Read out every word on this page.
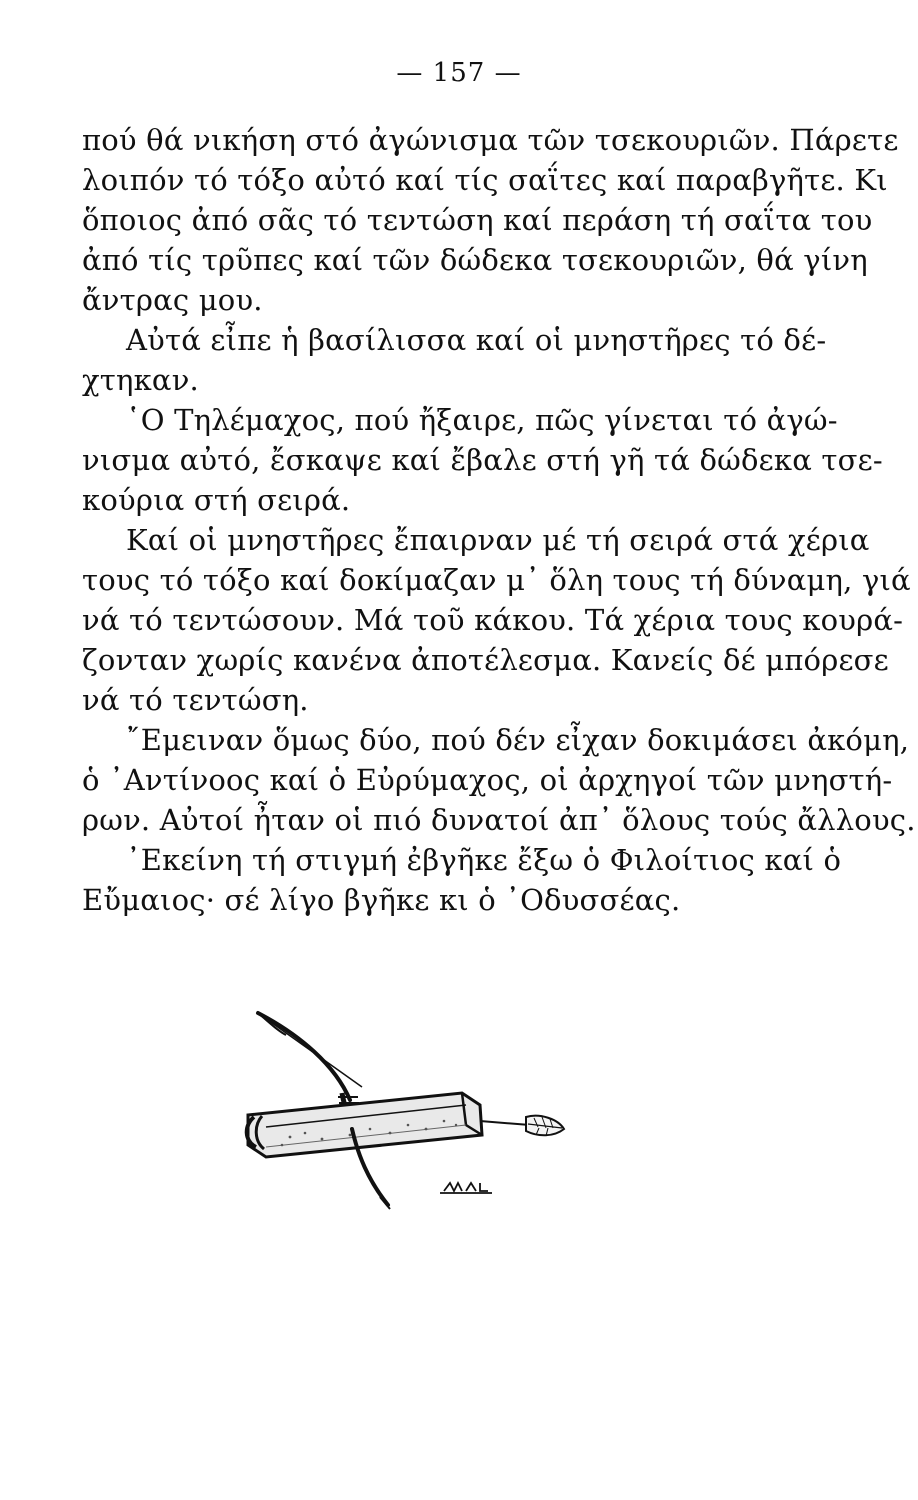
— 157 —
πού θά νικήση στό ἀγώνισμα τῶν τσεκουριῶν. Πάρετε
λοιπόν τό τόξο αὐτό καί τίς σαΐτες καί παραβγῆτε. Κι
ὅποιος ἀπό σᾶς τό τεντώση καί περάση τή σαΐτα του
ἀπό τίς τρῦπες καί τῶν δώδεκα τσεκουριῶν, θά γίνη
ἄντρας μου.
Αὐτά εἶπε ἡ βασίλισσα καί οἱ μνηστῆρες τό δέ-
χτηκαν.
῾Ο Τηλέμαχος, πού ἤξαιρε, πῶς γίνεται τό ἀγώ-
νισμα αὐτό, ἔσκαψε καί ἔβαλε στή γῆ τά δώδεκα τσε-
κούρια στή σειρά.
Καί οἱ μνηστῆρες ἔπαιρναν μέ τή σειρά στά χέρια
τους τό τόξο καί δοκίμαζαν μ᾽ ὅλη τους τή δύναμη, γιά
νά τό τεντώσουν. Μά τοῦ κάκου. Τά χέρια τους κουρά-
ζονταν χωρίς κανένα ἀποτέλεσμα. Κανείς δέ μπόρεσε
νά τό τεντώση.
῎Εμειναν ὅμως δύο, πού δέν εἶχαν δοκιμάσει ἀκόμη,
ὁ ᾽Αντίνοος καί ὁ Εὐρύμαχος, οἱ ἀρχηγοί τῶν μνηστή-
ρων. Αὐτοί ἦταν οἱ πιό δυνατοί ἀπ᾽ ὅλους τούς ἄλλους.
᾽Εκείνη τή στιγμή ἐβγῆκε ἔξω ὁ Φιλοίτιος καί ὁ
Εὔμαιος· σέ λίγο βγῆκε κι ὁ ᾽Οδυσσέας.
